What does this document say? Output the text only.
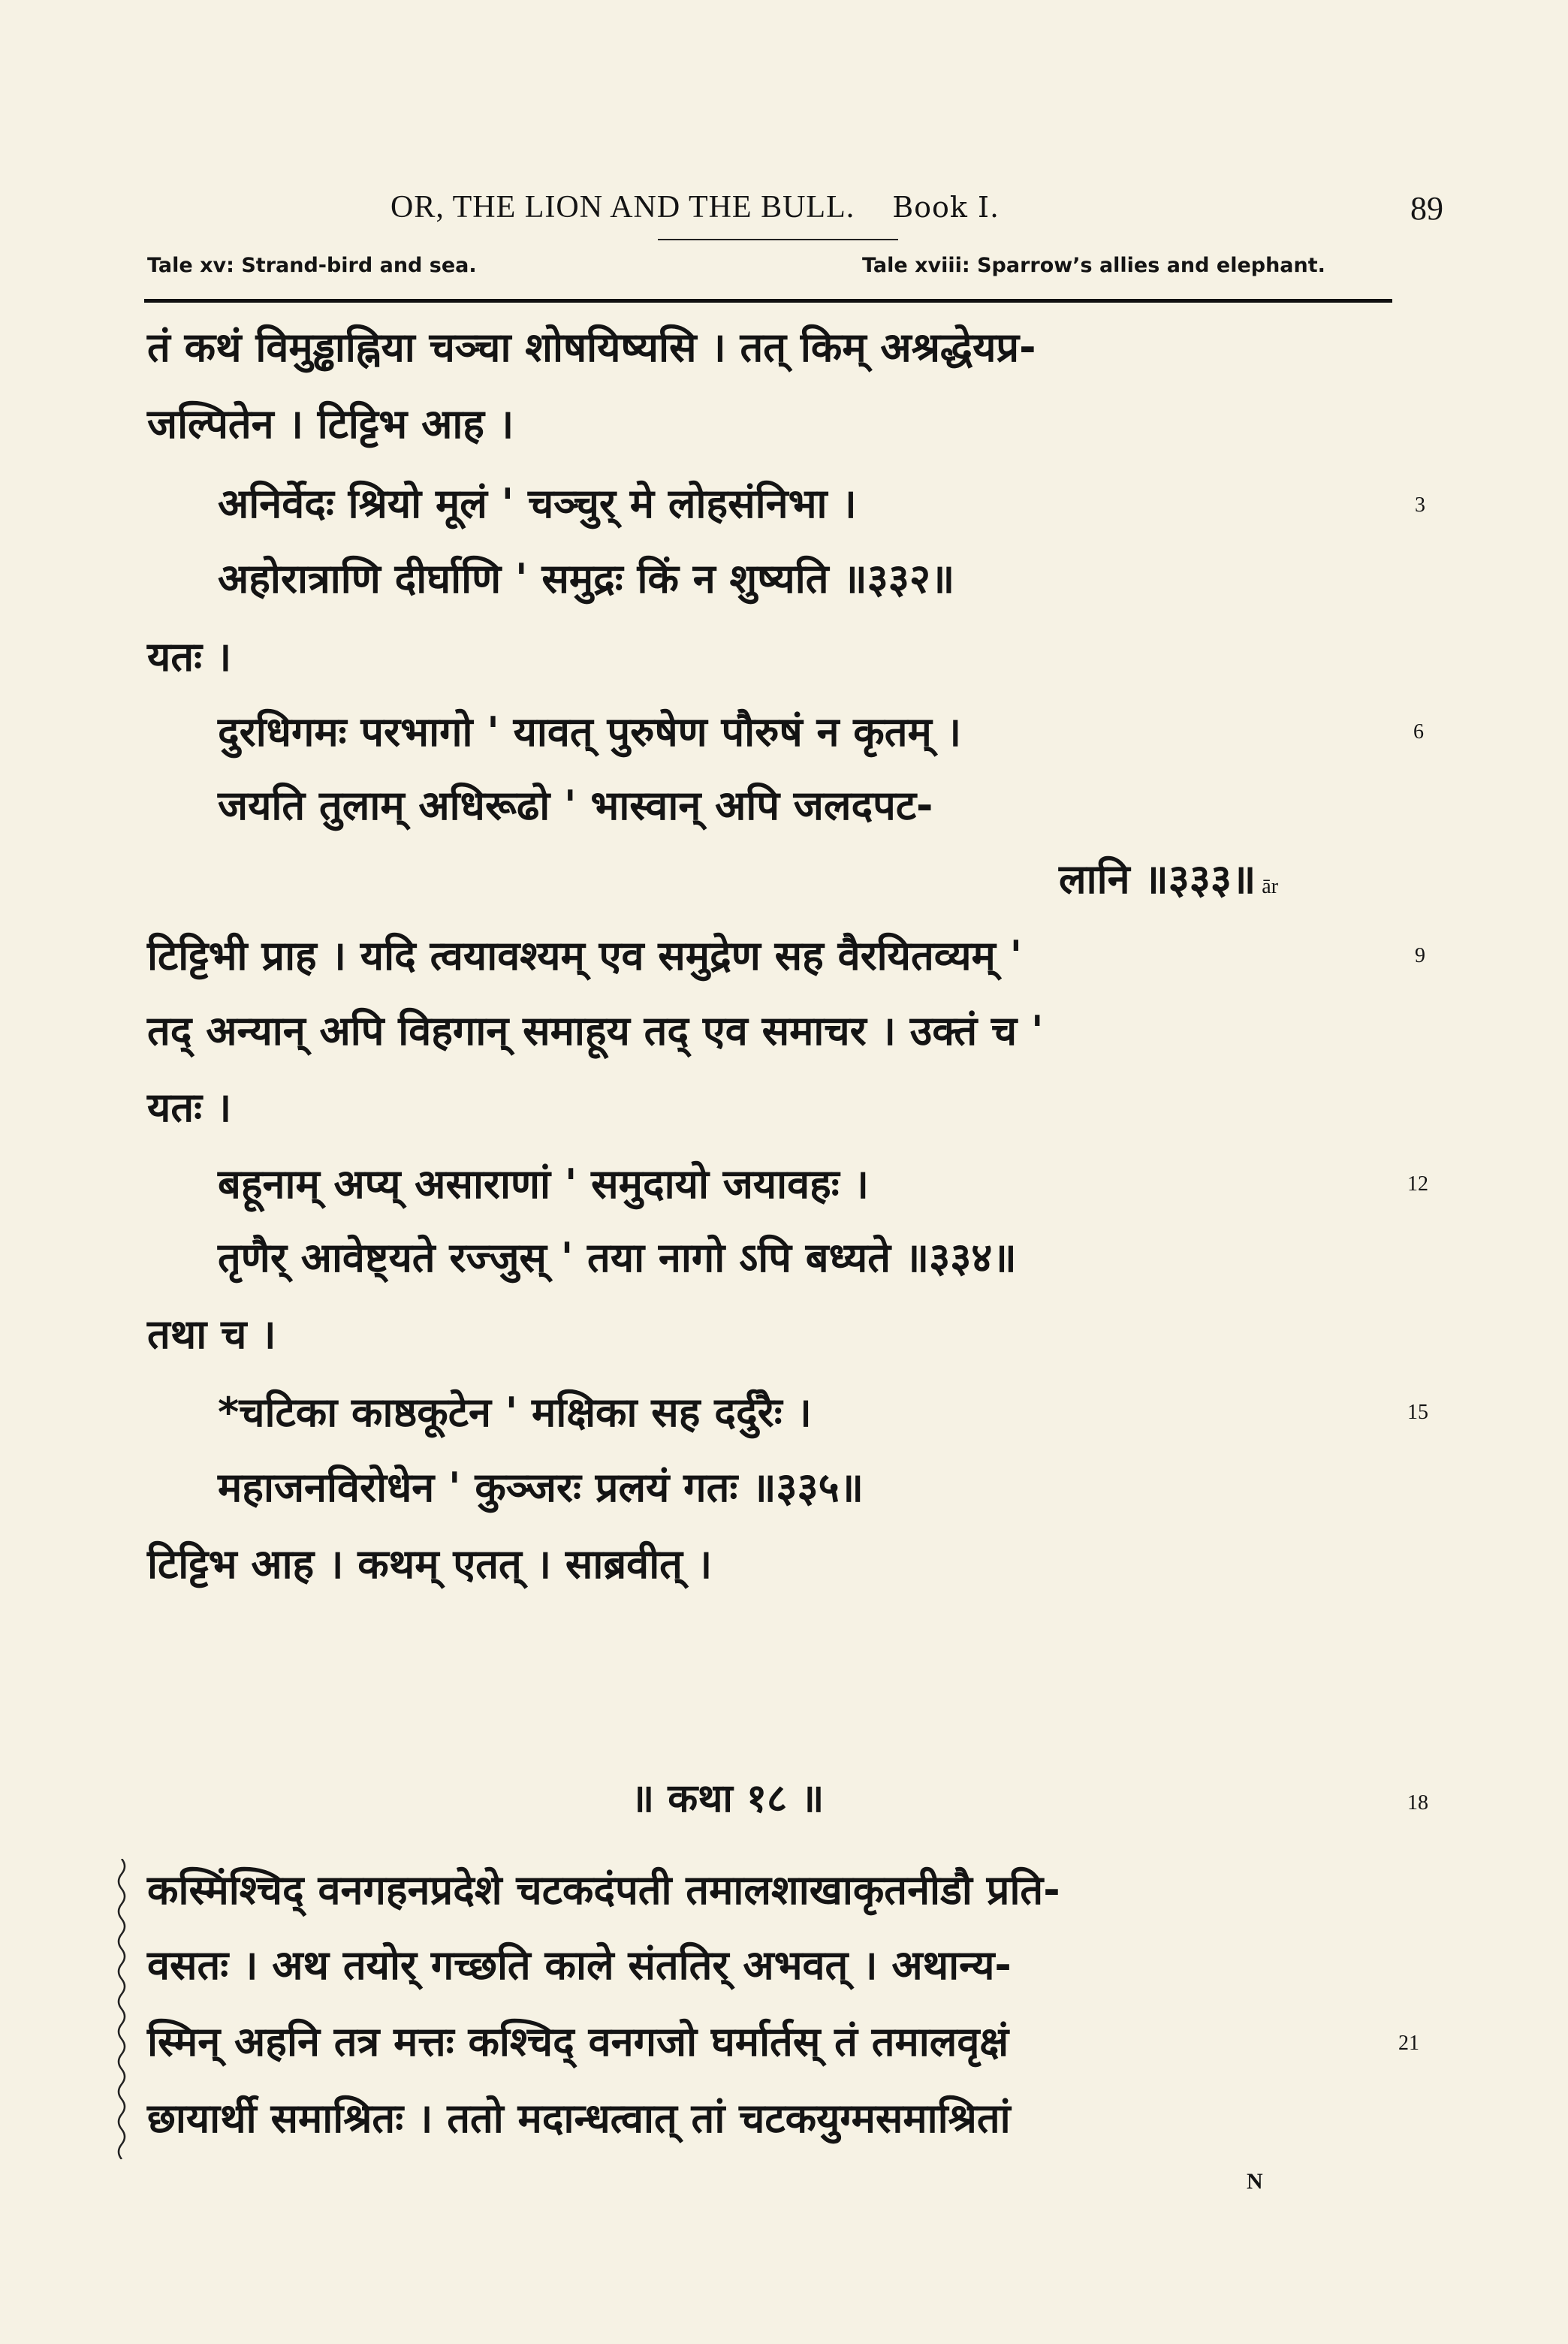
OR, THE LION AND THE BULL. Book I.	89
Tale xv: Strand-bird and sea.	Tale xviii: Sparrow’s allies and elephant.
तं कथं विमुड्ढाह्निया चञ्चा शोषयिष्यसि । तत् किम् अश्रद्धेयप्र-
जल्पितेन । टिट्टिभ आह ।
अनिर्वेदः श्रियो मूलं ' चञ्चुर् मे लोहसंनिभा ।
अहोरात्राणि दीर्घाणि ' समुद्रः किं न शुष्यति ॥३३२॥
यतः ।
दुरधिगमः परभागो ' यावत् पुरुषेण पौरुषं न कृतम् ।
जयति तुलाम् अधिरूढो ' भास्वान् अपि जलदपट-
लानि ॥३३३॥ ār
टिट्टिभी प्राह । यदि त्वयावश्यम् एव समुद्रेण सह वैरयितव्यम् '
तद् अन्यान् अपि विहगान् समाहूय तद् एव समाचर । उक्तं च '
यतः ।
बहूनाम् अप्य् असाराणां ' समुदायो जयावहः ।
तृणैर् आवेष्ट्यते रज्जुस् ' तया नागो ऽपि बध्यते ॥३३४॥
तथा च ।
*चटिका काष्ठकूटेन ' मक्षिका सह दर्दुरैः ।
महाजनविरोधेन ' कुञ्जरः प्रलयं गतः ॥३३५॥
टिट्टिभ आह । कथम् एतत् । साब्रवीत् ।
॥ कथा १८ ॥
कस्मिंश्चिद् वनगहनप्रदेशे चटकदंपती तमालशाखाकृतनीडौ प्रति-
वसतः । अथ तयोर् गच्छति काले संततिर् अभवत् । अथान्य-
स्मिन् अहनि तत्र मत्तः कश्चिद् वनगजो घर्मार्तस् तं तमालवृक्षं
छायार्थी समाश्रितः । ततो मदान्धत्वात् तां चटकयुग्मसमाश्रितां
3
6
9
12
15
18
21
N
